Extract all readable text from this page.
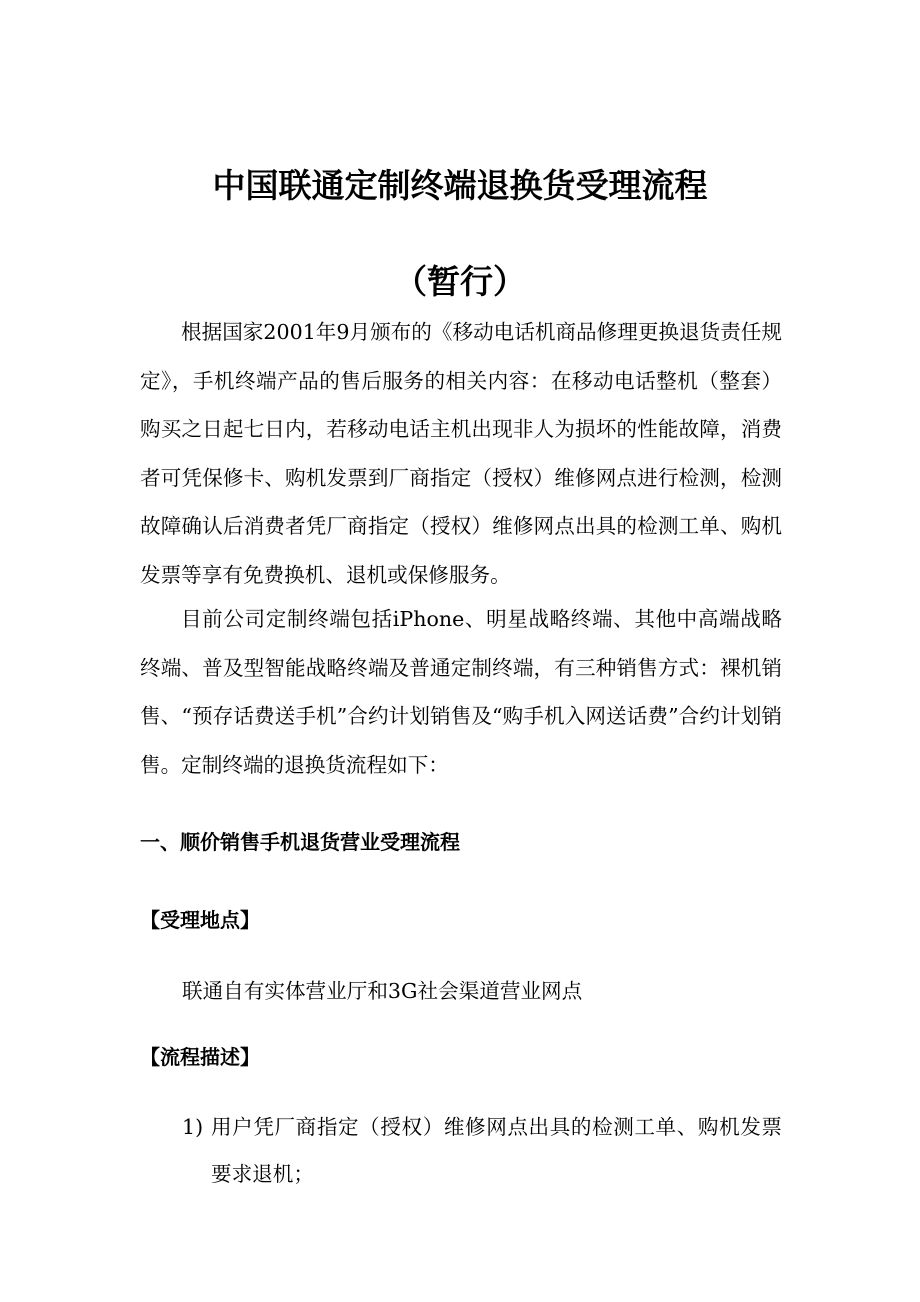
中国联通定制终端退换货受理流程
（暂行）

根据国家2001年9月颁布的《移动电话机商品修理更换退货责任规定》，手机终端产品的售后服务的相关内容：在移动电话整机（整套）购买之日起七日内，若移动电话主机出现非人为损坏的性能故障，消费者可凭保修卡、购机发票到厂商指定（授权）维修网点进行检测，检测故障确认后消费者凭厂商指定（授权）维修网点出具的检测工单、购机发票等享有免费换机、退机或保修服务。

目前公司定制终端包括iPhone、明星战略终端、其他中高端战略终端、普及型智能战略终端及普通定制终端，有三种销售方式：裸机销售、“预存话费送手机”合约计划销售及“购手机入网送话费”合约计划销售。定制终端的退换货流程如下：

一、顺价销售手机退货营业受理流程
【受理地点】
联通自有实体营业厅和3G社会渠道营业网点
【流程描述】
1) 用户凭厂商指定（授权）维修网点出具的检测工单、购机发票要求退机；
